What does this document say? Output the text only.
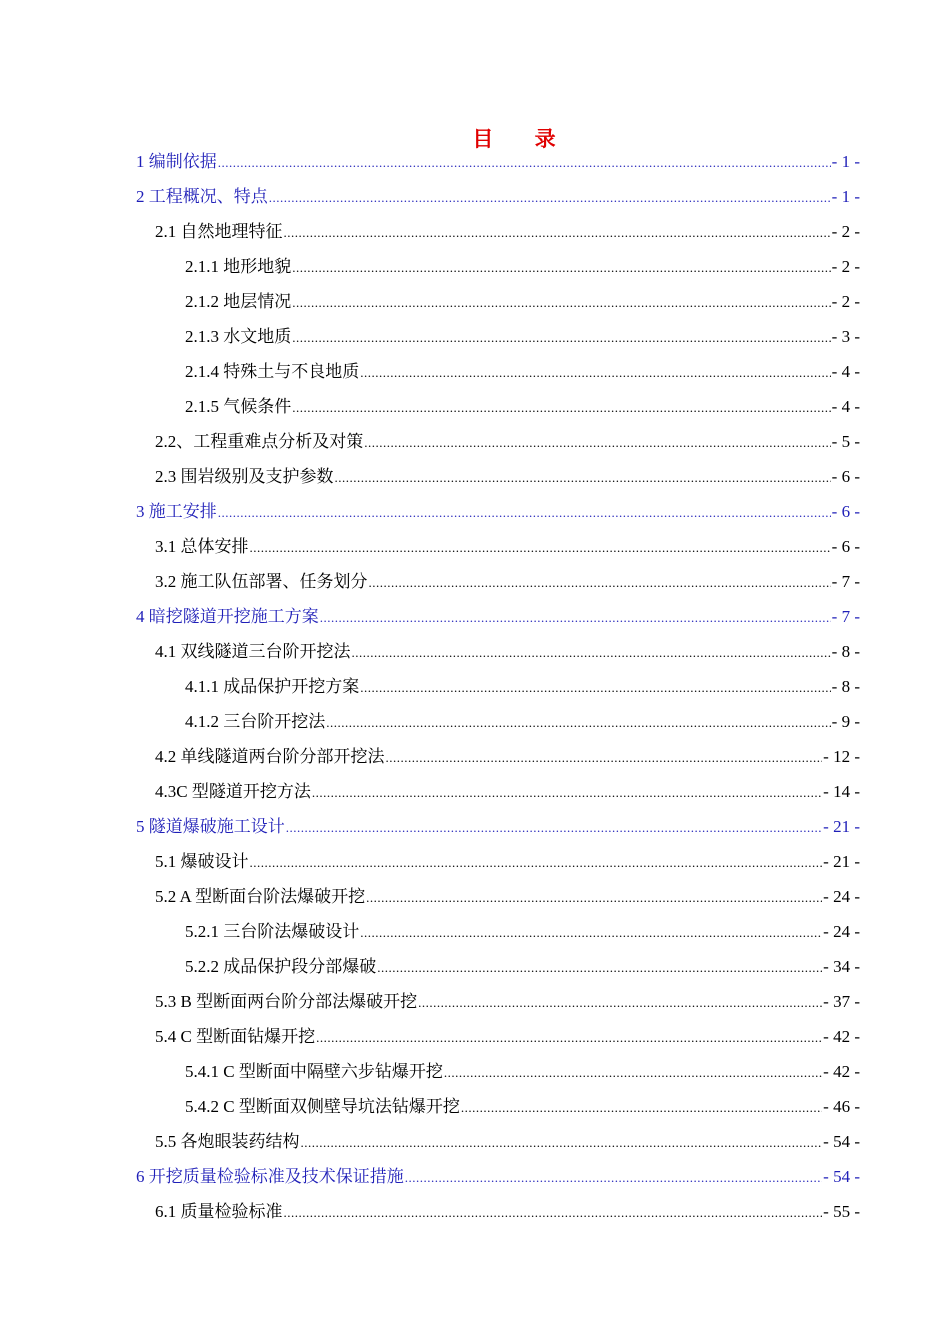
目 录
1 编制依据 .....	- 1 -
2 工程概况、特点 .....	- 1 -
2.1 自然地理特征 .....	- 2 -
2.1.1 地形地貌 .....	- 2 -
2.1.2 地层情况 .....	- 2 -
2.1.3 水文地质 .....	- 3 -
2.1.4 特殊土与不良地质 .....	- 4 -
2.1.5 气候条件 .....	- 4 -
2.2、工程重难点分析及对策 .....	- 5 -
2.3 围岩级别及支护参数 .....	- 6 -
3 施工安排 .....	- 6 -
3.1 总体安排 .....	- 6 -
3.2 施工队伍部署、任务划分 .....	- 7 -
4 暗挖隧道开挖施工方案 .....	- 7 -
4.1 双线隧道三台阶开挖法 .....	- 8 -
4.1.1 成品保护开挖方案 .....	- 8 -
4.1.2 三台阶开挖法 .....	- 9 -
4.2 单线隧道两台阶分部开挖法 .....	- 12 -
4.3C 型隧道开挖方法 .....	- 14 -
5 隧道爆破施工设计 .....	- 21 -
5.1 爆破设计 .....	- 21 -
5.2 A 型断面台阶法爆破开挖 .....	- 24 -
5.2.1 三台阶法爆破设计 .....	- 24 -
5.2.2 成品保护段分部爆破 .....	- 34 -
5.3 B 型断面两台阶分部法爆破开挖 .....	- 37 -
5.4 C 型断面钻爆开挖 .....	- 42 -
5.4.1 C 型断面中隔壁六步钻爆开挖 .....	- 42 -
5.4.2 C 型断面双侧壁导坑法钻爆开挖 .....	- 46 -
5.5 各炮眼装药结构 .....	- 54 -
6 开挖质量检验标准及技术保证措施 .....	- 54 -
6.1 质量检验标准 .....	- 55 -
